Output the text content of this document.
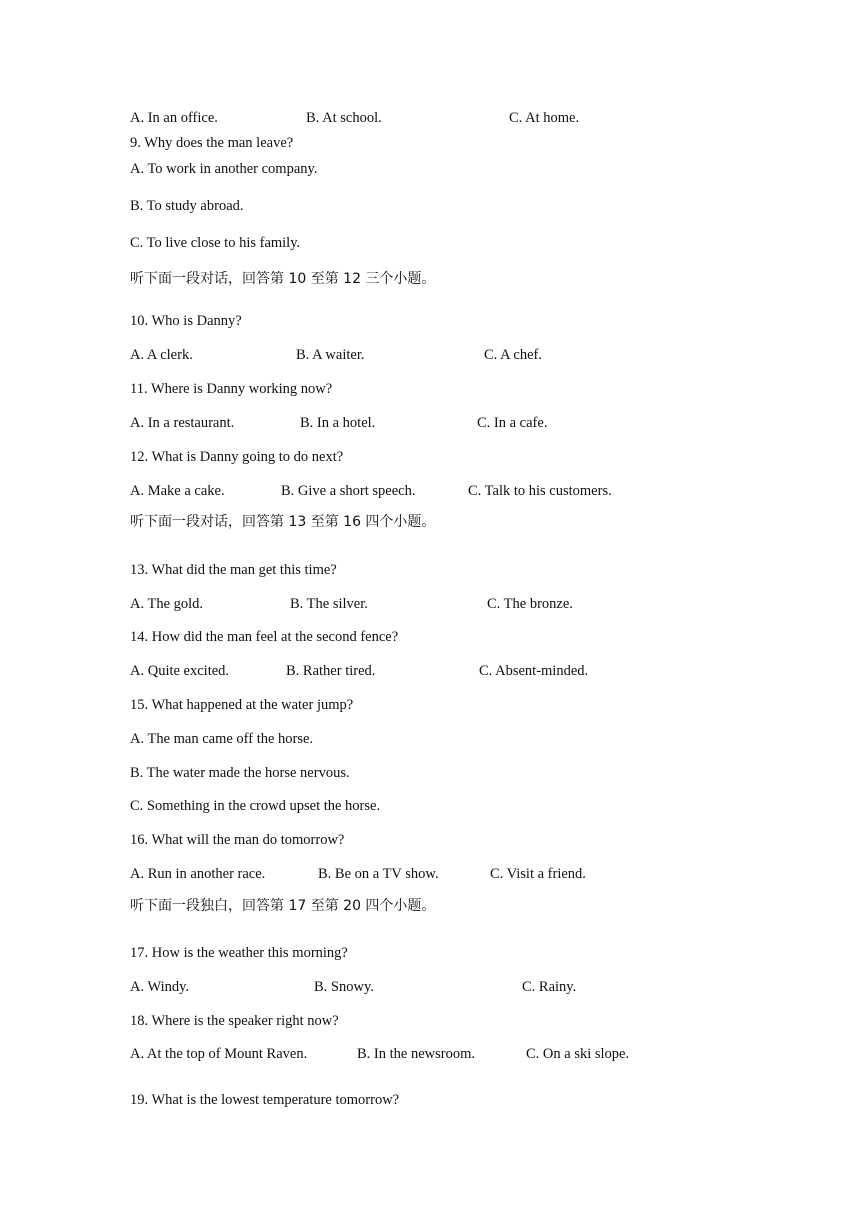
A. In an office.	B. At school.	C. At home.
9. Why does the man leave?
A. To work in another company.
B. To study abroad.
C. To live close to his family.
听下面一段对话，回答第 10 至第 12 三个小题。
10. Who is Danny?
A. A clerk.	B. A waiter.	C. A chef.
11. Where is Danny working now?
A. In a restaurant.	B. In a hotel.	C. In a cafe.
12. What is Danny going to do next?
A. Make a cake.	B. Give a short speech.	C. Talk to his customers.
听下面一段对话，回答第 13 至第 16 四个小题。
13. What did the man get this time?
A. The gold.	B. The silver.	C. The bronze.
14. How did the man feel at the second fence?
A. Quite excited.	B. Rather tired.	C. Absent-minded.
15. What happened at the water jump?
A. The man came off the horse.
B. The water made the horse nervous.
C. Something in the crowd upset the horse.
16. What will the man do tomorrow?
A. Run in another race.	B. Be on a TV show.	C. Visit a friend.
听下面一段独白，回答第 17 至第 20 四个小题。
17. How is the weather this morning?
A. Windy.	B. Snowy.	C. Rainy.
18. Where is the speaker right now?
A. At the top of Mount Raven.	B. In the newsroom.	C. On a ski slope.
19. What is the lowest temperature tomorrow?
